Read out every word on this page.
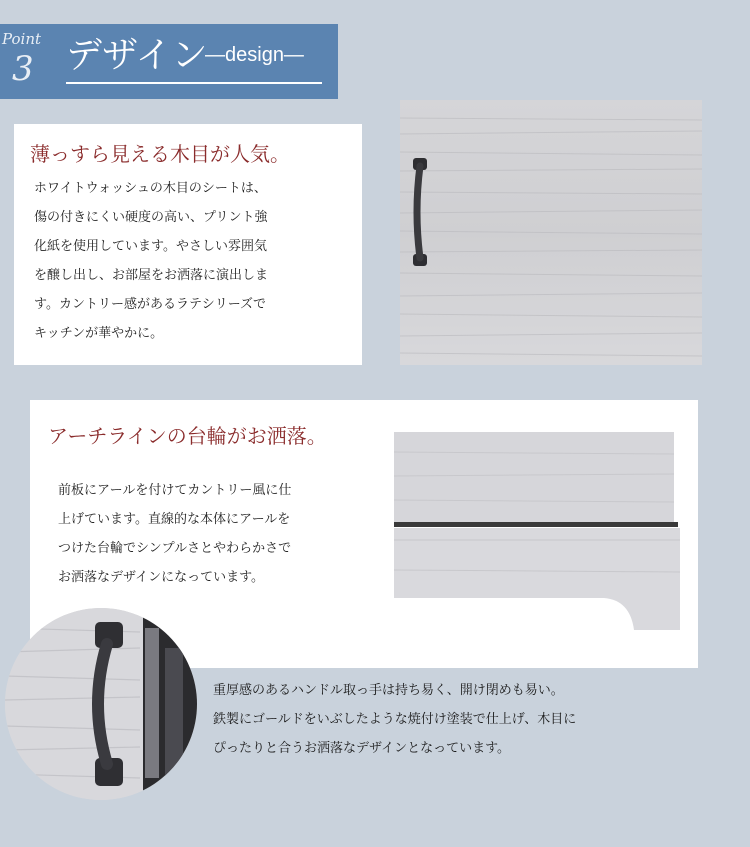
Point
3 デザイン
—design—
薄っすら見える木目が人気。
ホワイトウォッシュの木目のシートは、
傷の付きにくい硬度の高い、プリント強
化紙を使用しています。やさしい雰囲気
を醸し出し、お部屋をお洒落に演出しま
す。カントリー感があるラテシリーズで
キッチンが華やかに。
アーチラインの台輪がお洒落。
前板にアールを付けてカントリー風に仕
上げています。直線的な本体にアールを
つけた台輪でシンプルさとやわらかさで
お洒落なデザインになっています。
重厚感のあるハンドル取っ手は持ち易く、開け閉めも易い。
鉄製にゴールドをいぶしたような焼付け塗装で仕上げ、木目に
ぴったりと合うお洒落なデザインとなっています。
